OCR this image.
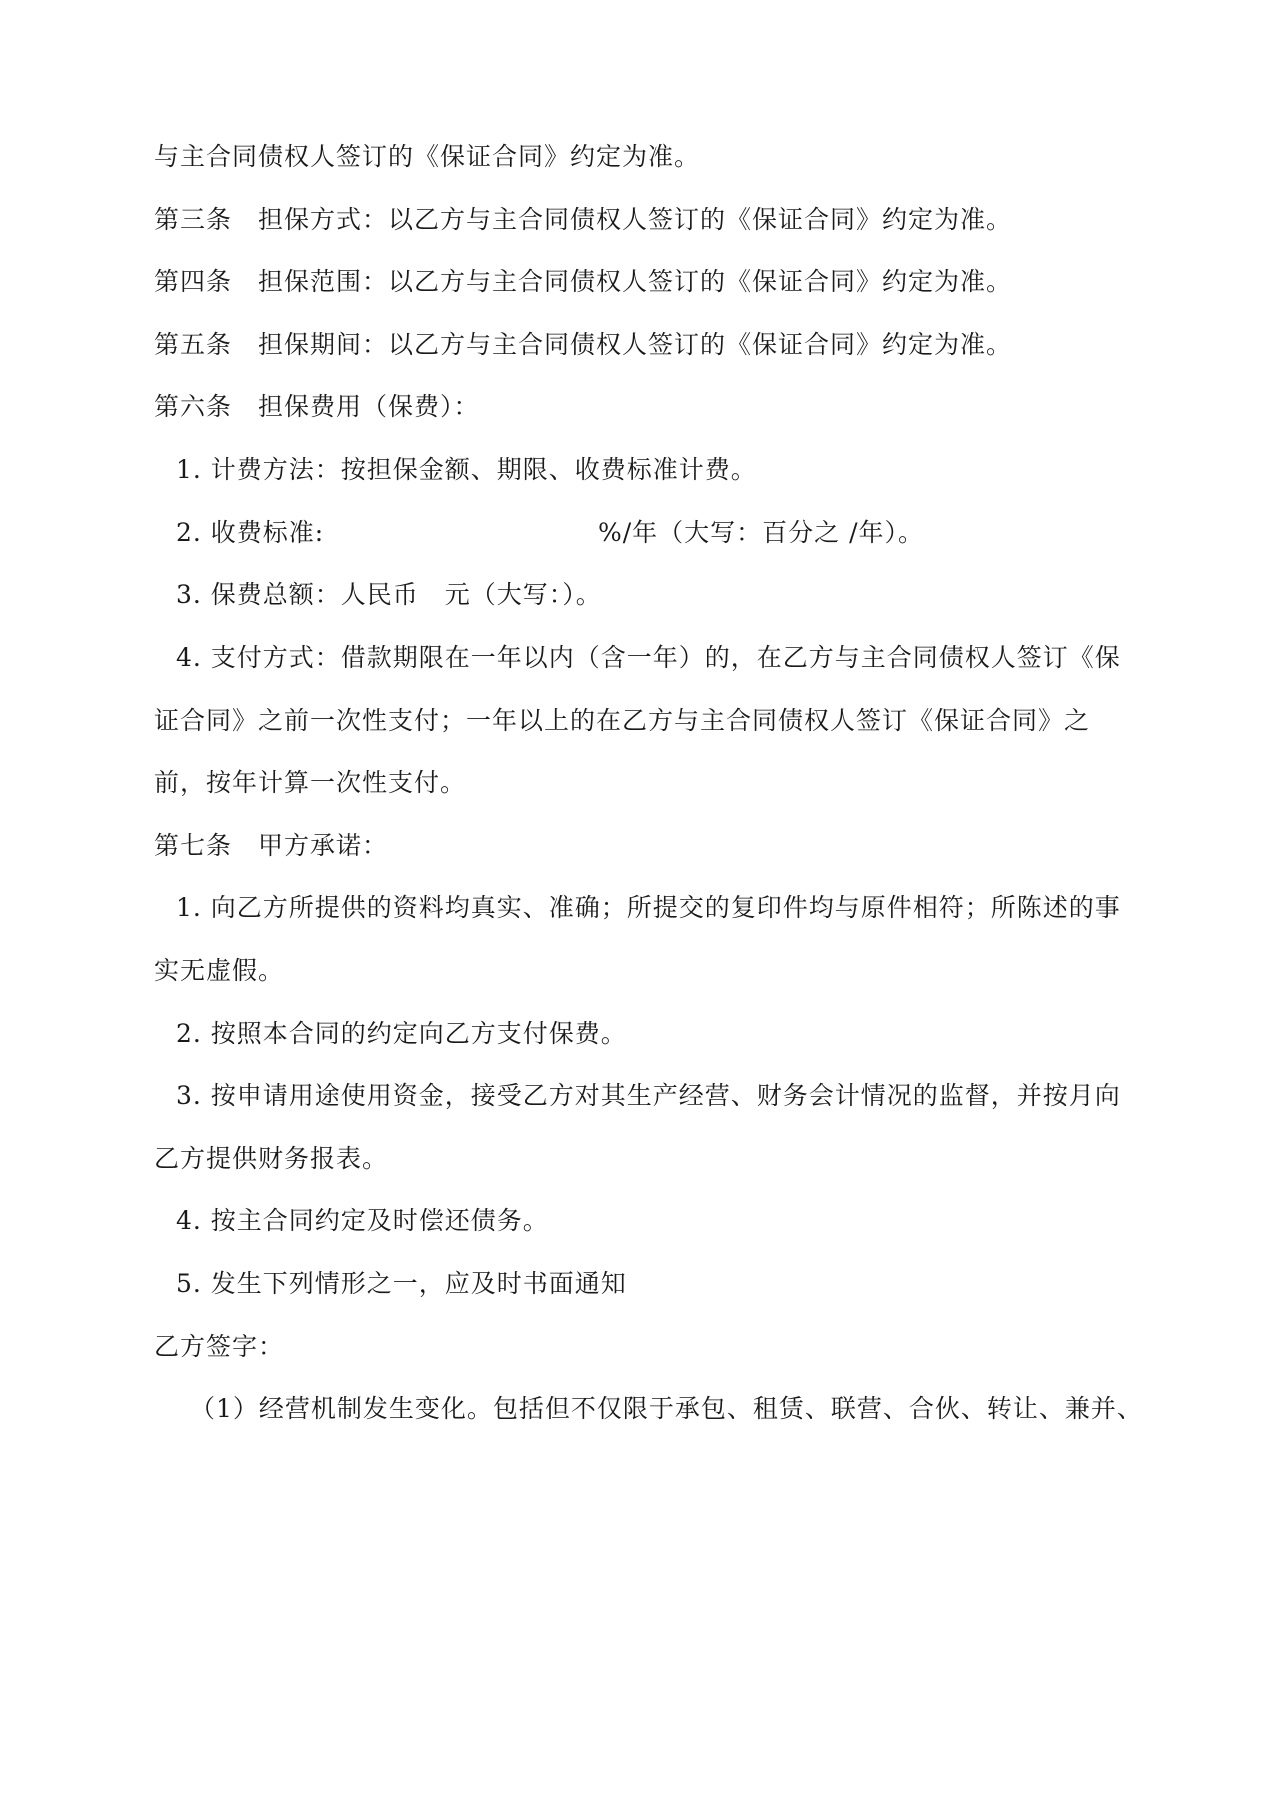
与主合同债权人签订的《保证合同》约定为准。
第三条　担保方式：以乙方与主合同债权人签订的《保证合同》约定为准。
第四条　担保范围：以乙方与主合同债权人签订的《保证合同》约定为准。
第五条　担保期间：以乙方与主合同债权人签订的《保证合同》约定为准。
第六条　担保费用（保费）：
1. 计费方法：按担保金额、期限、收费标准计费。
2. 收费标准:	%/年（大写：百分之 /年）。
3. 保费总额：人民币　元（大写：）。
4. 支付方式：借款期限在一年以内（含一年）的，在乙方与主合同债权人签订《保
证合同》之前一次性支付；一年以上的在乙方与主合同债权人签订《保证合同》之
前，按年计算一次性支付。
第七条　甲方承诺：
1. 向乙方所提供的资料均真实、准确；所提交的复印件均与原件相符；所陈述的事
实无虚假。
2. 按照本合同的约定向乙方支付保费。
3. 按申请用途使用资金，接受乙方对其生产经营、财务会计情况的监督，并按月向
乙方提供财务报表。
4. 按主合同约定及时偿还债务。
5. 发生下列情形之一，应及时书面通知
乙方签字：
（1）经营机制发生变化。包括但不仅限于承包、租赁、联营、合伙、转让、兼并、
